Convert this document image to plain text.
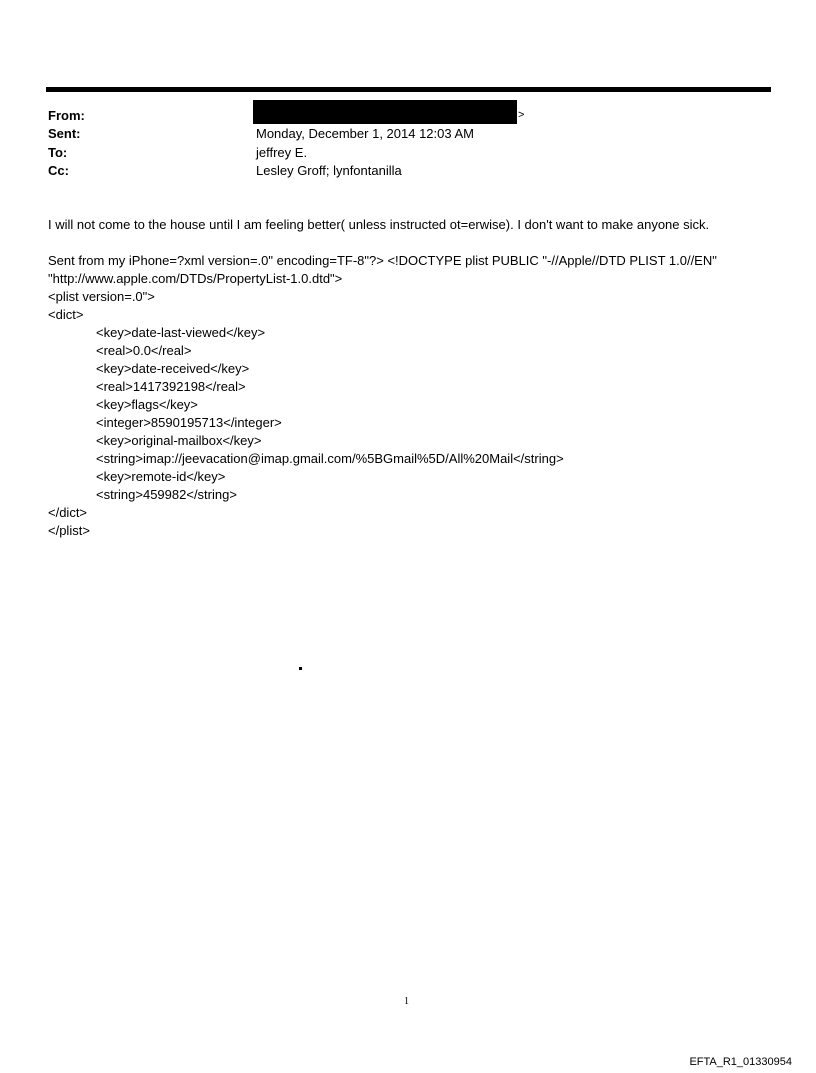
From:	>
Sent:	Monday, December 1, 2014 12:03 AM
To:	jeffrey E.
Cc:	Lesley Groff; lynfontanilla
I will not come to the house until I am feeling better( unless instructed ot=erwise). I don't want to make anyone sick.
Sent from my iPhone=?xml version=.0" encoding=TF-8"?> <!DOCTYPE plist PUBLIC "-//Apple//DTD PLIST 1.0//EN"
"http://www.apple.com/DTDs/PropertyList-1.0.dtd">
<plist version=.0">
<dict>
<key>date-last-viewed</key>
<real>0.0</real>
<key>date-received</key>
<real>1417392198</real>
<key>flags</key>
<integer>8590195713</integer>
<key>original-mailbox</key>
<string>imap://jeevacation@imap.gmail.com/%5BGmail%5D/All%20Mail</string>
<key>remote-id</key>
<string>459982</string>
</dict>
</plist>
1
EFTA_R1_01330954
